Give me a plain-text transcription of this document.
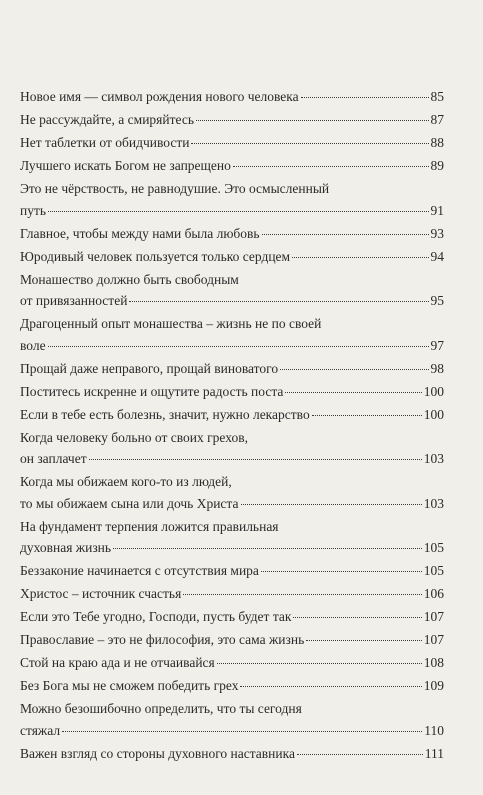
Новое имя — символ рождения нового человека	85
Не рассуждайте, а смиряйтесь	87
Нет таблетки от обидчивости	88
Лучшего искать Богом не запрещено	89
Это не чёрствость, не равнодушие. Это осмысленный
путь	91
Главное, чтобы между нами была любовь	93
Юродивый человек пользуется только сердцем	94
Монашество должно быть свободным
от привязанностей	95
Драгоценный опыт монашества – жизнь не по своей
воле	97
Прощай даже неправого, прощай виноватого	98
Поститесь искренне и ощутите радость поста	100
Если в тебе есть болезнь, значит, нужно лекарство	100
Когда человеку больно от своих грехов,
он заплачет	103
Когда мы обижаем кого-то из людей,
то мы обижаем сына или дочь Христа	103
На фундамент терпения ложится правильная
духовная жизнь	105
Беззаконие начинается с отсутствия мира	105
Христос – источник счастья	106
Если это Тебе угодно, Господи, пусть будет так	107
Православие – это не философия, это сама жизнь	107
Стой на краю ада и не отчаивайся	108
Без Бога мы не сможем победить грех	109
Можно безошибочно определить, что ты сегодня
стяжал	110
Важен взгляд со стороны духовного наставника	111
